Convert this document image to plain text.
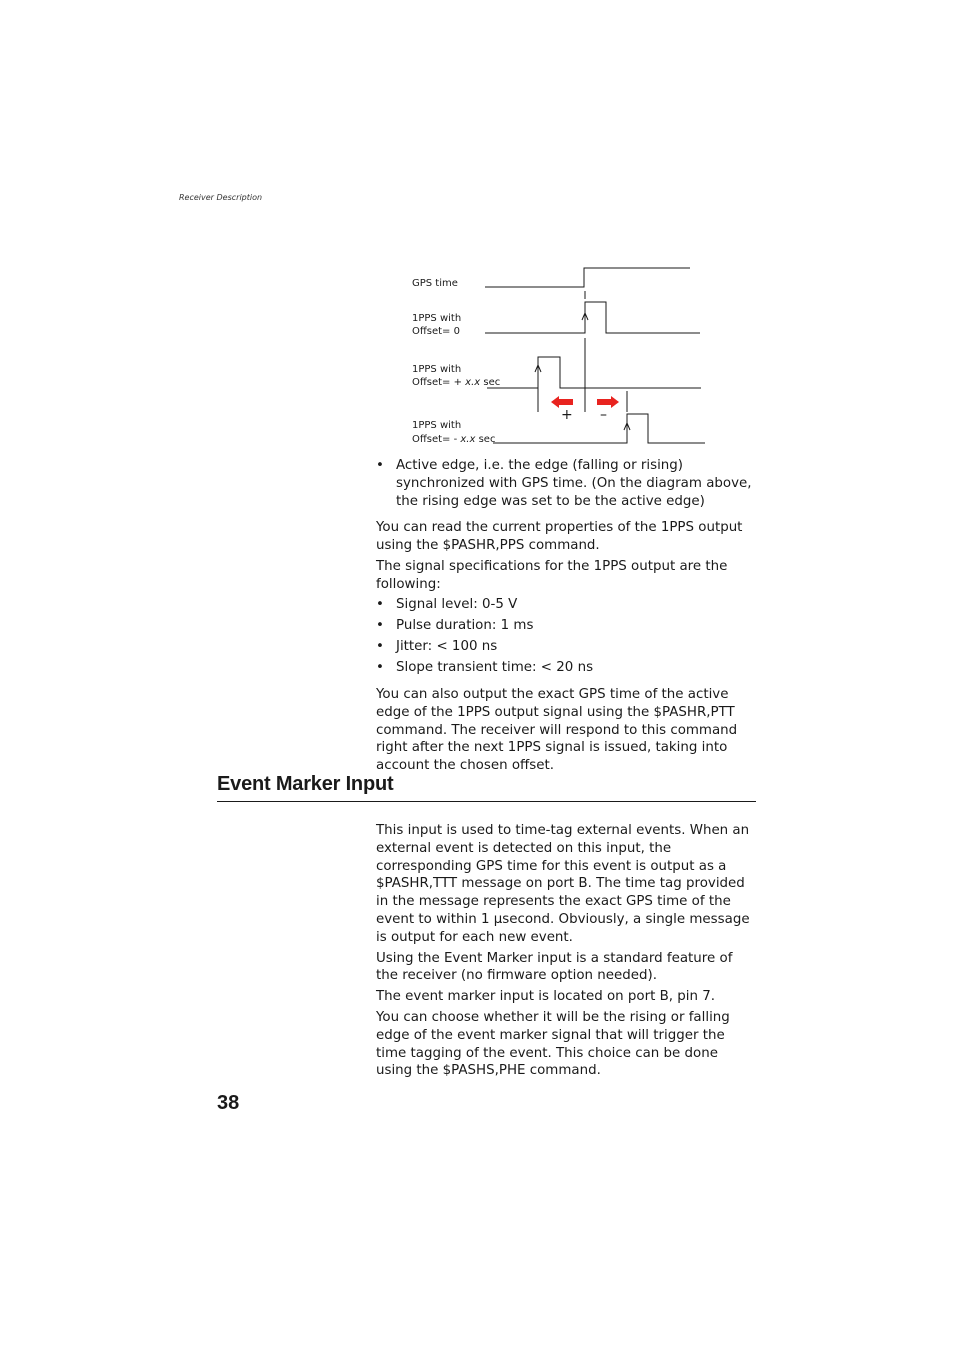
Receiver Description
GPS time
1PPS with
Offset= 0
1PPS with
Offset= + x.x sec
1PPS with
Offset= - x.x sec
+ –
• Active edge, i.e. the edge (falling or rising) synchronized with GPS time. (On the diagram above, the rising edge was set to be the active edge)

You can read the current properties of the 1PPS output using the $PASHR,PPS command.

The signal specifications for the 1PPS output are the following:

• Signal level: 0-5 V
• Pulse duration: 1 ms
• Jitter: < 100 ns
• Slope transient time: < 20 ns

You can also output the exact GPS time of the active edge of the 1PPS output signal using the $PASHR,PTT command. The receiver will respond to this command right after the next 1PPS signal is issued, taking into account the chosen offset.

Event Marker Input

This input is used to time-tag external events. When an external event is detected on this input, the corresponding GPS time for this event is output as a $PASHR,TTT message on port B. The time tag provided in the message represents the exact GPS time of the event to within 1 µsecond. Obviously, a single message is output for each new event.

Using the Event Marker input is a standard feature of the receiver (no firmware option needed).

The event marker input is located on port B, pin 7.

You can choose whether it will be the rising or falling edge of the event marker signal that will trigger the time tagging of the event. This choice can be done using the $PASHS,PHE command.

38
